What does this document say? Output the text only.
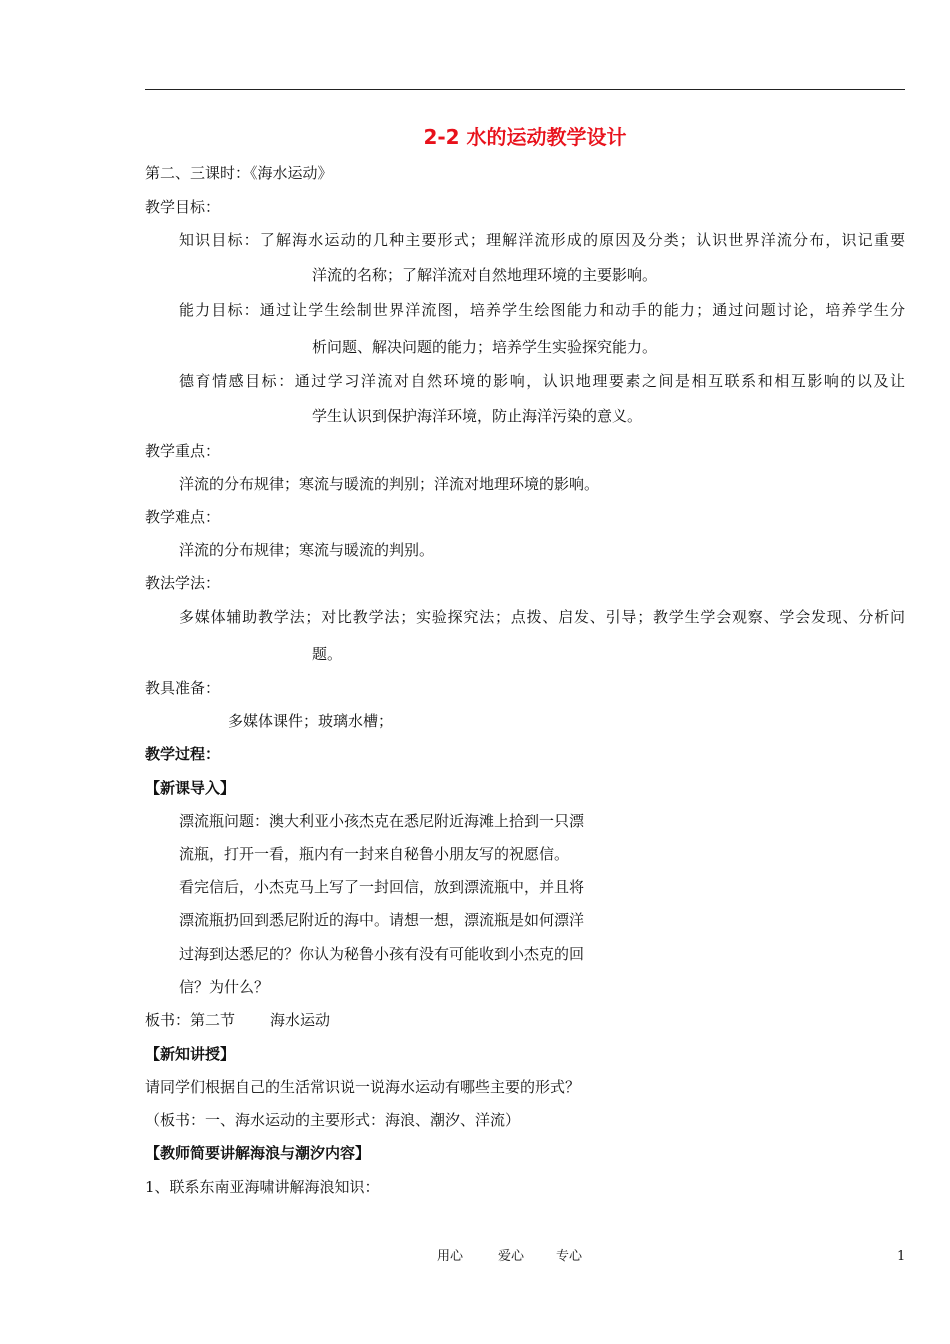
2-2 水的运动教学设计
第二、三课时：《海水运动》
教学目标：
知识目标：了解海水运动的几种主要形式；理解洋流形成的原因及分类；认识世界洋流分布，识记重要
洋流的名称；了解洋流对自然地理环境的主要影响。
能力目标：通过让学生绘制世界洋流图，培养学生绘图能力和动手的能力；通过问题讨论，培养学生分
析问题、解决问题的能力；培养学生实验探究能力。
德育情感目标：通过学习洋流对自然环境的影响，认识地理要素之间是相互联系和相互影响的以及让
学生认识到保护海洋环境，防止海洋污染的意义。
教学重点：
洋流的分布规律；寒流与暖流的判别；洋流对地理环境的影响。
教学难点：
洋流的分布规律；寒流与暖流的判别。
教法学法：
多媒体辅助教学法；对比教学法；实验探究法；点拨、启发、引导；教学生学会观察、学会发现、分析问
题。
教具准备：
多媒体课件；玻璃水槽；
教学过程：
【新课导入】
漂流瓶问题：澳大利亚小孩杰克在悉尼附近海滩上拾到一只漂
流瓶，打开一看，瓶内有一封来自秘鲁小朋友写的祝愿信。
看完信后，小杰克马上写了一封回信，放到漂流瓶中，并且将
漂流瓶扔回到悉尼附近的海中。请想一想，漂流瓶是如何漂洋
过海到达悉尼的？你认为秘鲁小孩有没有可能收到小杰克的回
信？为什么？
板书：第二节 海水运动
【新知讲授】
请同学们根据自己的生活常识说一说海水运动有哪些主要的形式？
（板书：一、海水运动的主要形式：海浪、潮汐、洋流）
【教师简要讲解海浪与潮汐内容】
1、联系东南亚海啸讲解海浪知识：
用心	爱心 专心	1
